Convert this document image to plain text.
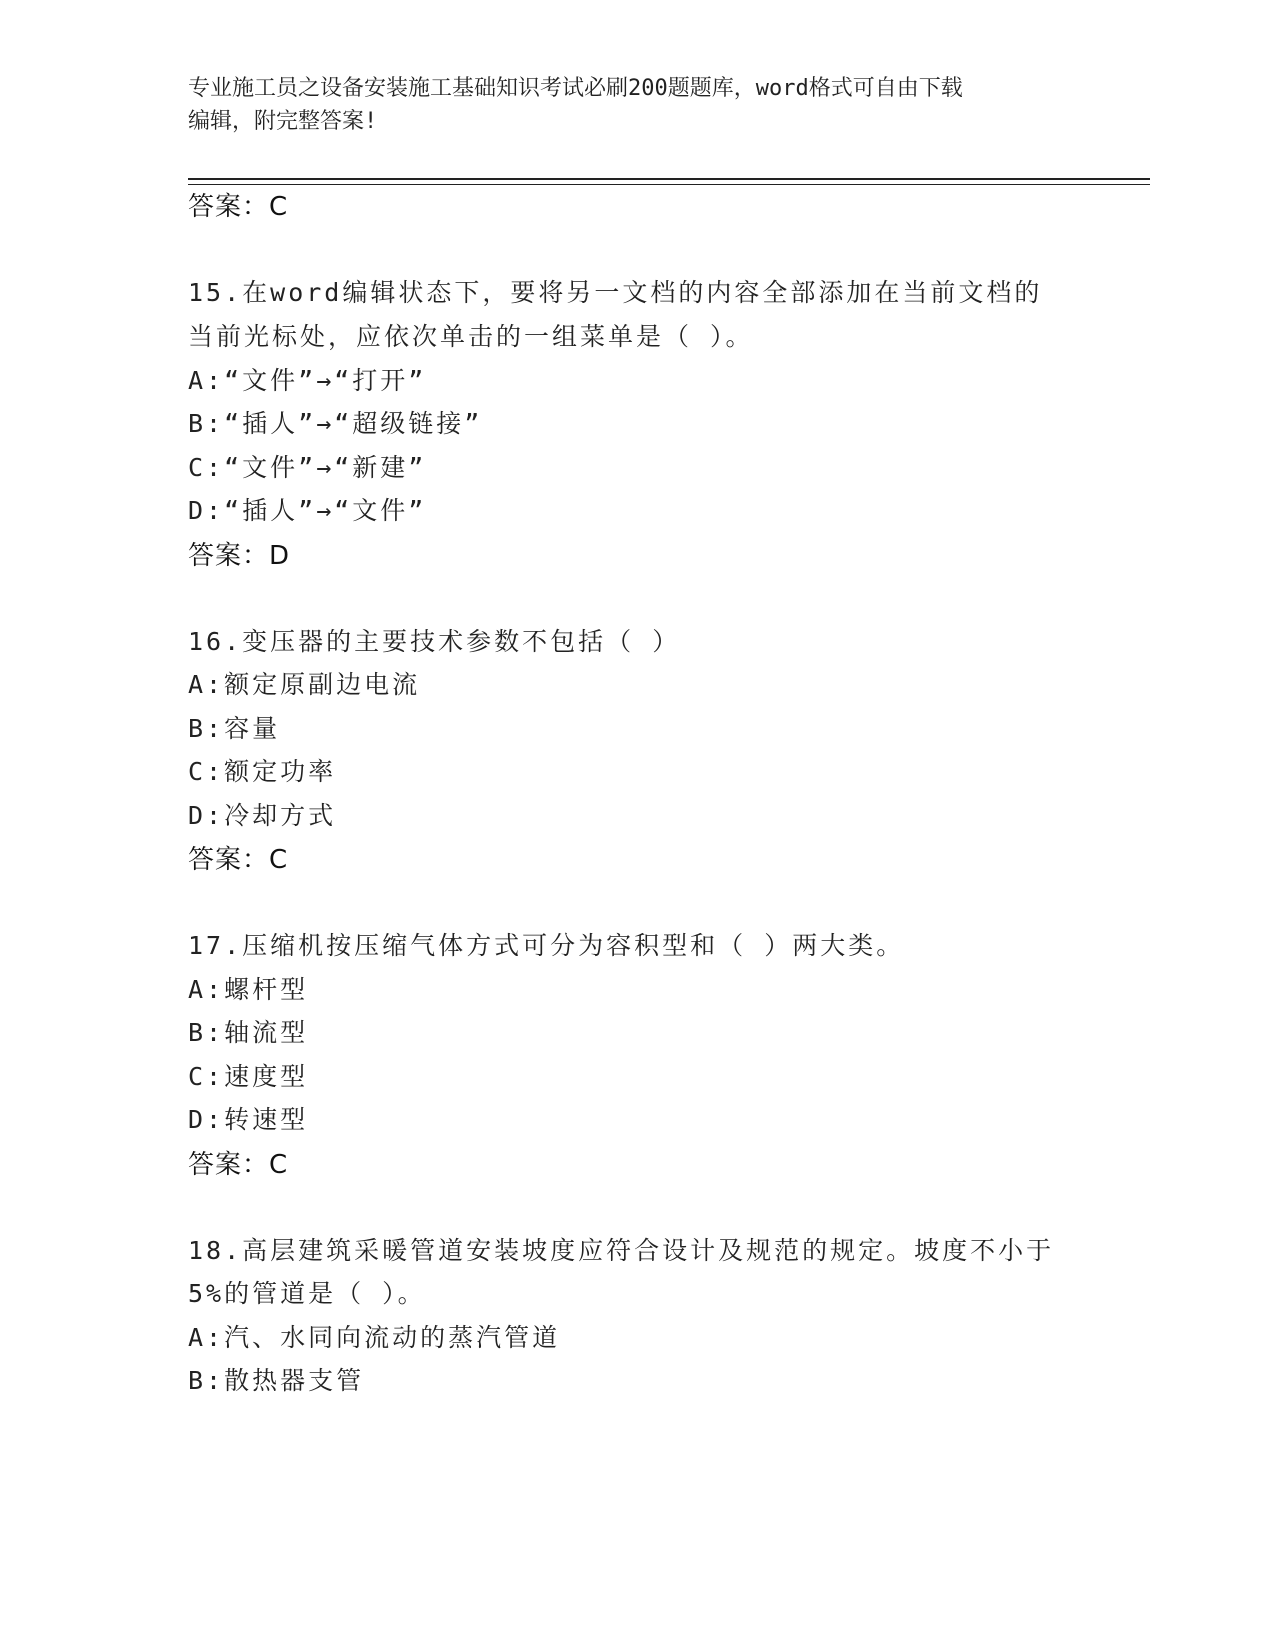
专业施工员之设备安装施工基础知识考试必刷200题题库，word格式可自由下载
编辑，附完整答案!
答案：C
15.在word编辑状态下，要将另一文档的内容全部添加在当前文档的
当前光标处，应依次单击的一组菜单是（ ）。
A:“文件”→“打开”
B:“插人”→“超级链接”
C:“文件”→“新建”
D:“插人”→“文件”
答案：D
16.变压器的主要技术参数不包括（ ）
A:额定原副边电流
B:容量
C:额定功率
D:冷却方式
答案：C
17.压缩机按压缩气体方式可分为容积型和（ ）两大类。
A:螺杆型
B:轴流型
C:速度型
D:转速型
答案：C
18.高层建筑采暖管道安装坡度应符合设计及规范的规定。坡度不小于
5%的管道是（ ）。
A:汽、水同向流动的蒸汽管道
B:散热器支管
